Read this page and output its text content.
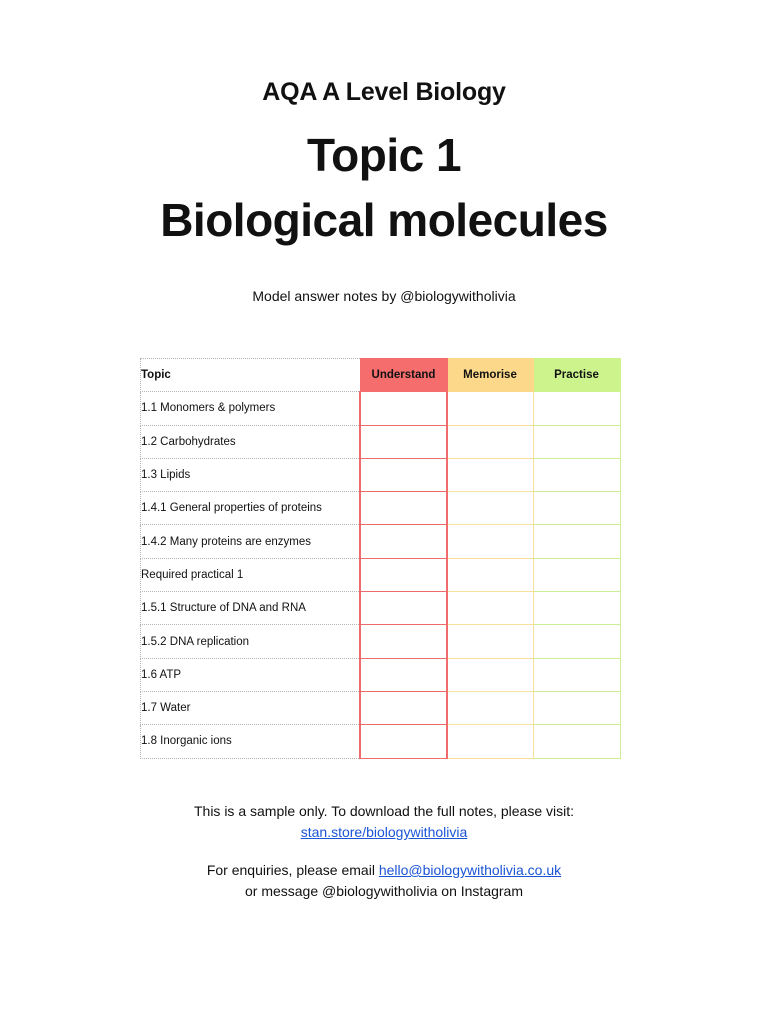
AQA A Level Biology
Topic 1
Biological molecules
Model answer notes by @biologywitholivia
Topic	Understand	Memorise	Practise
1.1 Monomers & polymers			
1.2 Carbohydrates			
1.3 Lipids			
1.4.1 General properties of proteins			
1.4.2 Many proteins are enzymes			
Required practical 1			
1.5.1 Structure of DNA and RNA			
1.5.2 DNA replication			
1.6 ATP			
1.7 Water			
1.8 Inorganic ions			
This is a sample only. To download the full notes, please visit:
stan.store/biologywitholivia
For enquiries, please email hello@biologywitholivia.co.uk
or message @biologywitholivia on Instagram
